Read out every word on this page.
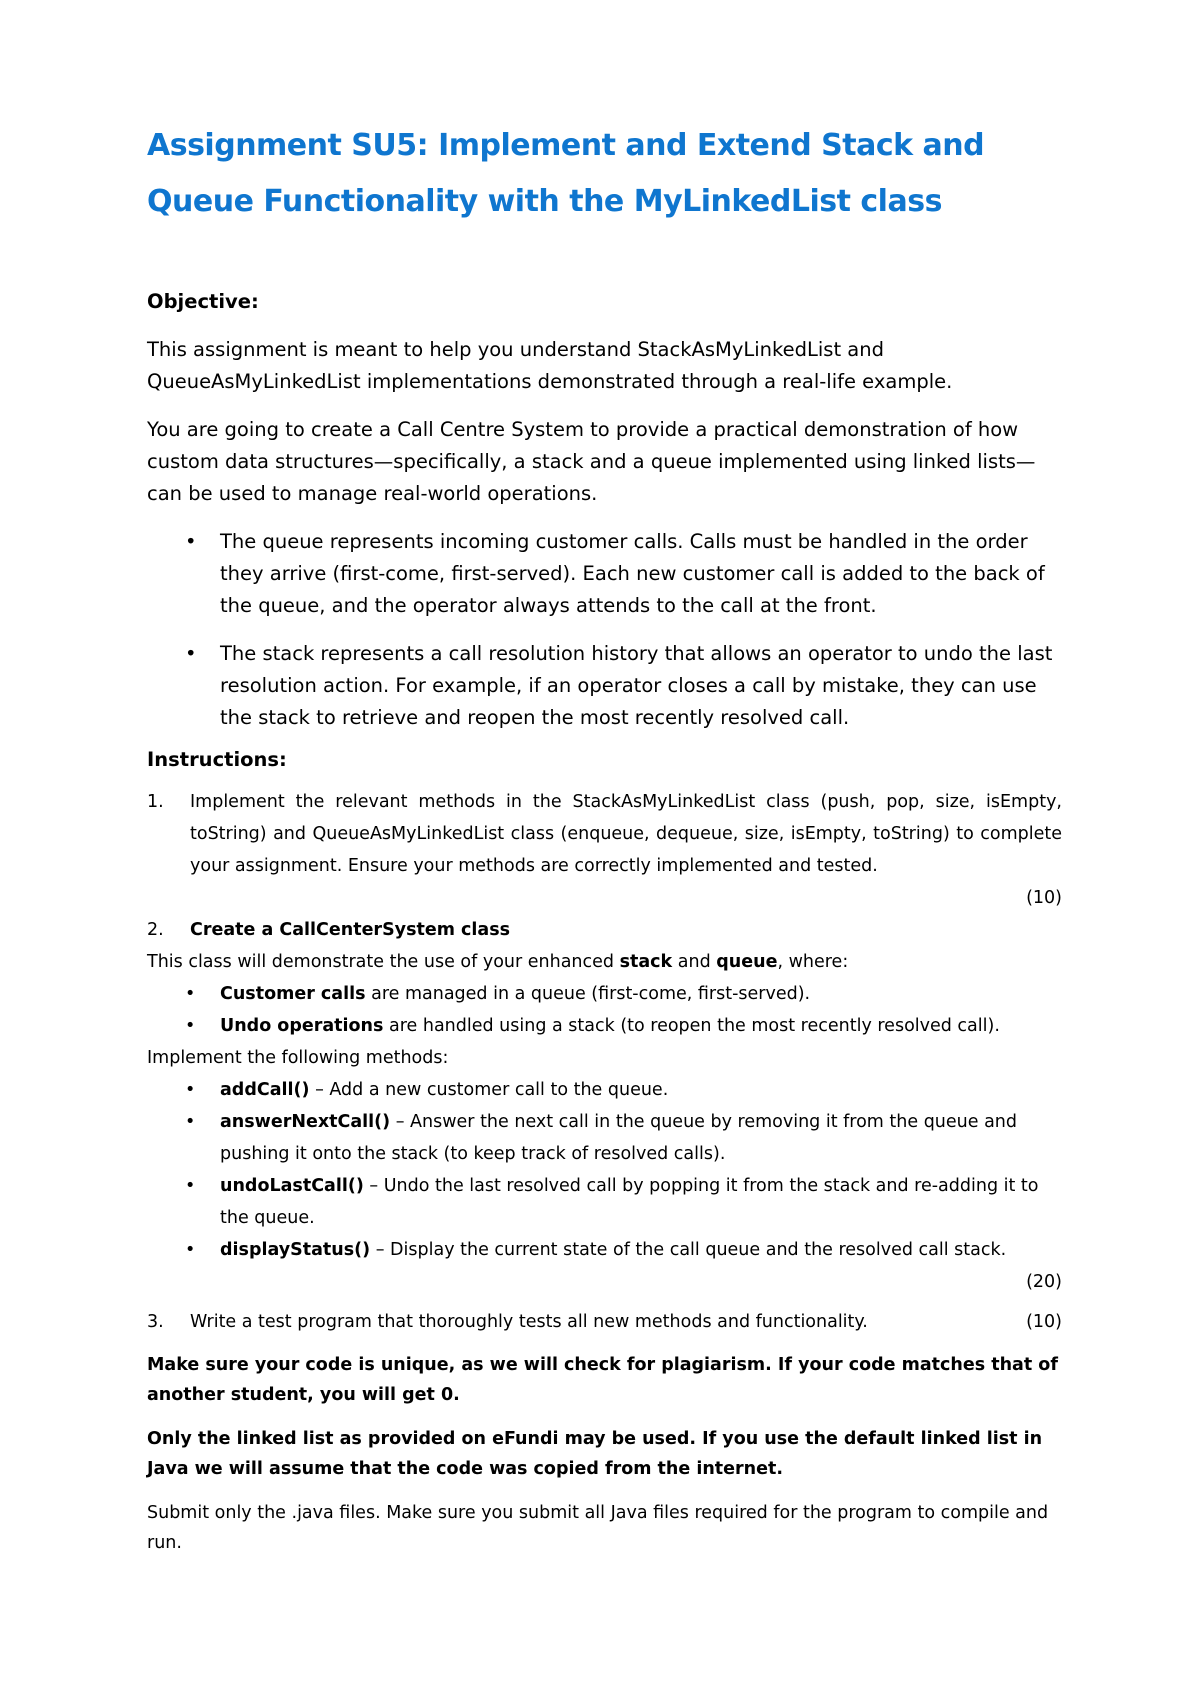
Assignment SU5: Implement and Extend Stack and Queue Functionality with the MyLinkedList class

Objective:

This assignment is meant to help you understand StackAsMyLinkedList and QueueAsMyLinkedList implementations demonstrated through a real-life example.

You are going to create a Call Centre System to provide a practical demonstration of how custom data structures—specifically, a stack and a queue implemented using linked lists—can be used to manage real-world operations.

• The queue represents incoming customer calls. Calls must be handled in the order they arrive (first-come, first-served). Each new customer call is added to the back of the queue, and the operator always attends to the call at the front.
• The stack represents a call resolution history that allows an operator to undo the last resolution action. For example, if an operator closes a call by mistake, they can use the stack to retrieve and reopen the most recently resolved call.

Instructions:

1. Implement the relevant methods in the StackAsMyLinkedList class (push, pop, size, isEmpty, toString) and QueueAsMyLinkedList class (enqueue, dequeue, size, isEmpty, toString) to complete your assignment. Ensure your methods are correctly implemented and tested.
(10)
2. Create a CallCenterSystem class
This class will demonstrate the use of your enhanced stack and queue, where:
• Customer calls are managed in a queue (first-come, first-served).
• Undo operations are handled using a stack (to reopen the most recently resolved call).
Implement the following methods:
• addCall() – Add a new customer call to the queue.
• answerNextCall() – Answer the next call in the queue by removing it from the queue and pushing it onto the stack (to keep track of resolved calls).
• undoLastCall() – Undo the last resolved call by popping it from the stack and re-adding it to the queue.
• displayStatus() – Display the current state of the call queue and the resolved call stack.
(20)
3. Write a test program that thoroughly tests all new methods and functionality.	(10)

Make sure your code is unique, as we will check for plagiarism. If your code matches that of another student, you will get 0.

Only the linked list as provided on eFundi may be used. If you use the default linked list in Java we will assume that the code was copied from the internet.

Submit only the .java files. Make sure you submit all Java files required for the program to compile and run.
